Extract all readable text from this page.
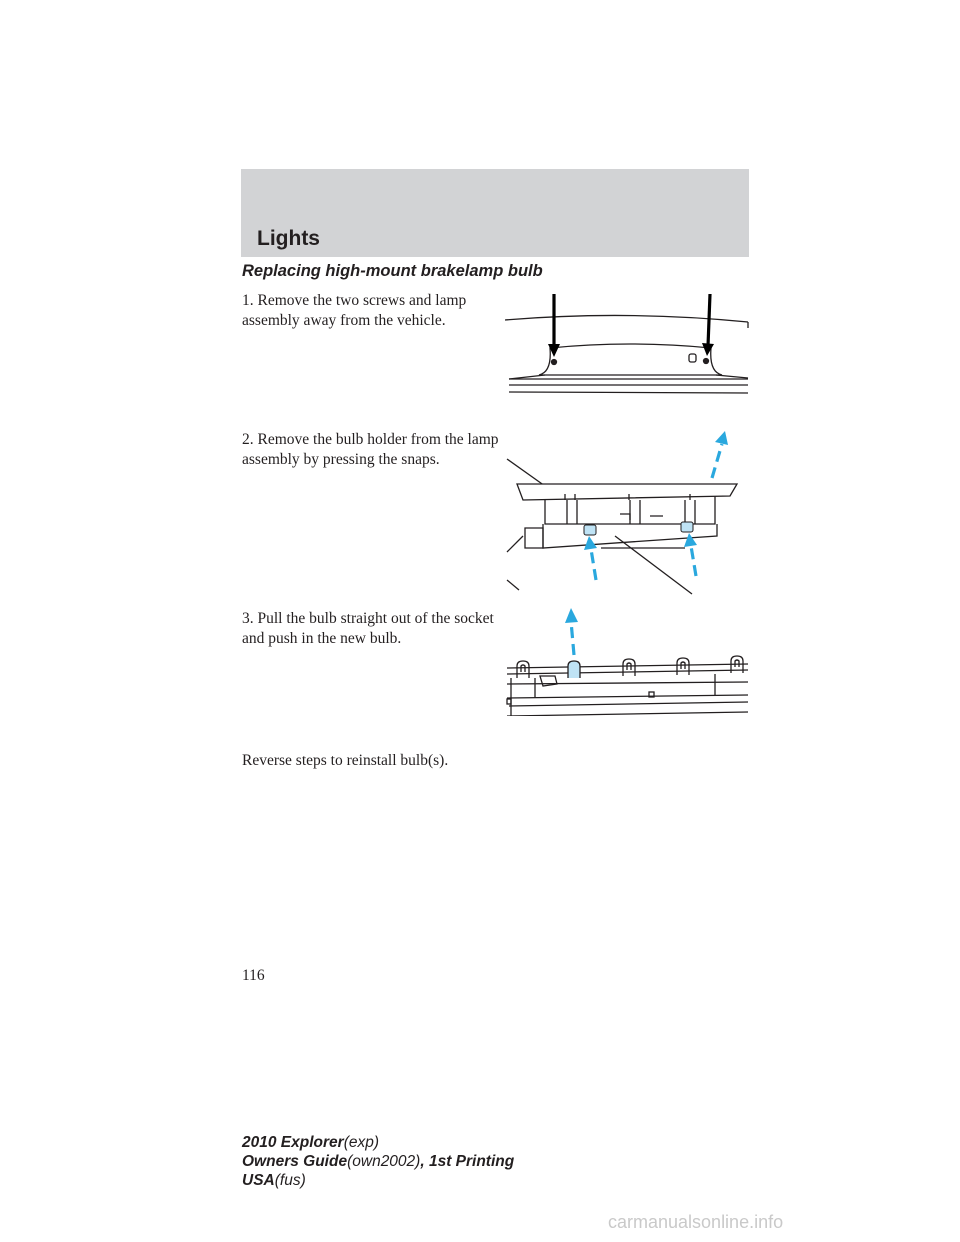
Lights
Replacing high-mount brakelamp bulb

1. Remove the two screws and lamp assembly away from the vehicle.

2. Remove the bulb holder from the lamp assembly by pressing the snaps.

3. Pull the bulb straight out of the socket and push in the new bulb.

Reverse steps to reinstall bulb(s).

116

2010 Explorer(exp)
Owners Guide(own2002), 1st Printing
USA(fus)

carmanualsonline.info
